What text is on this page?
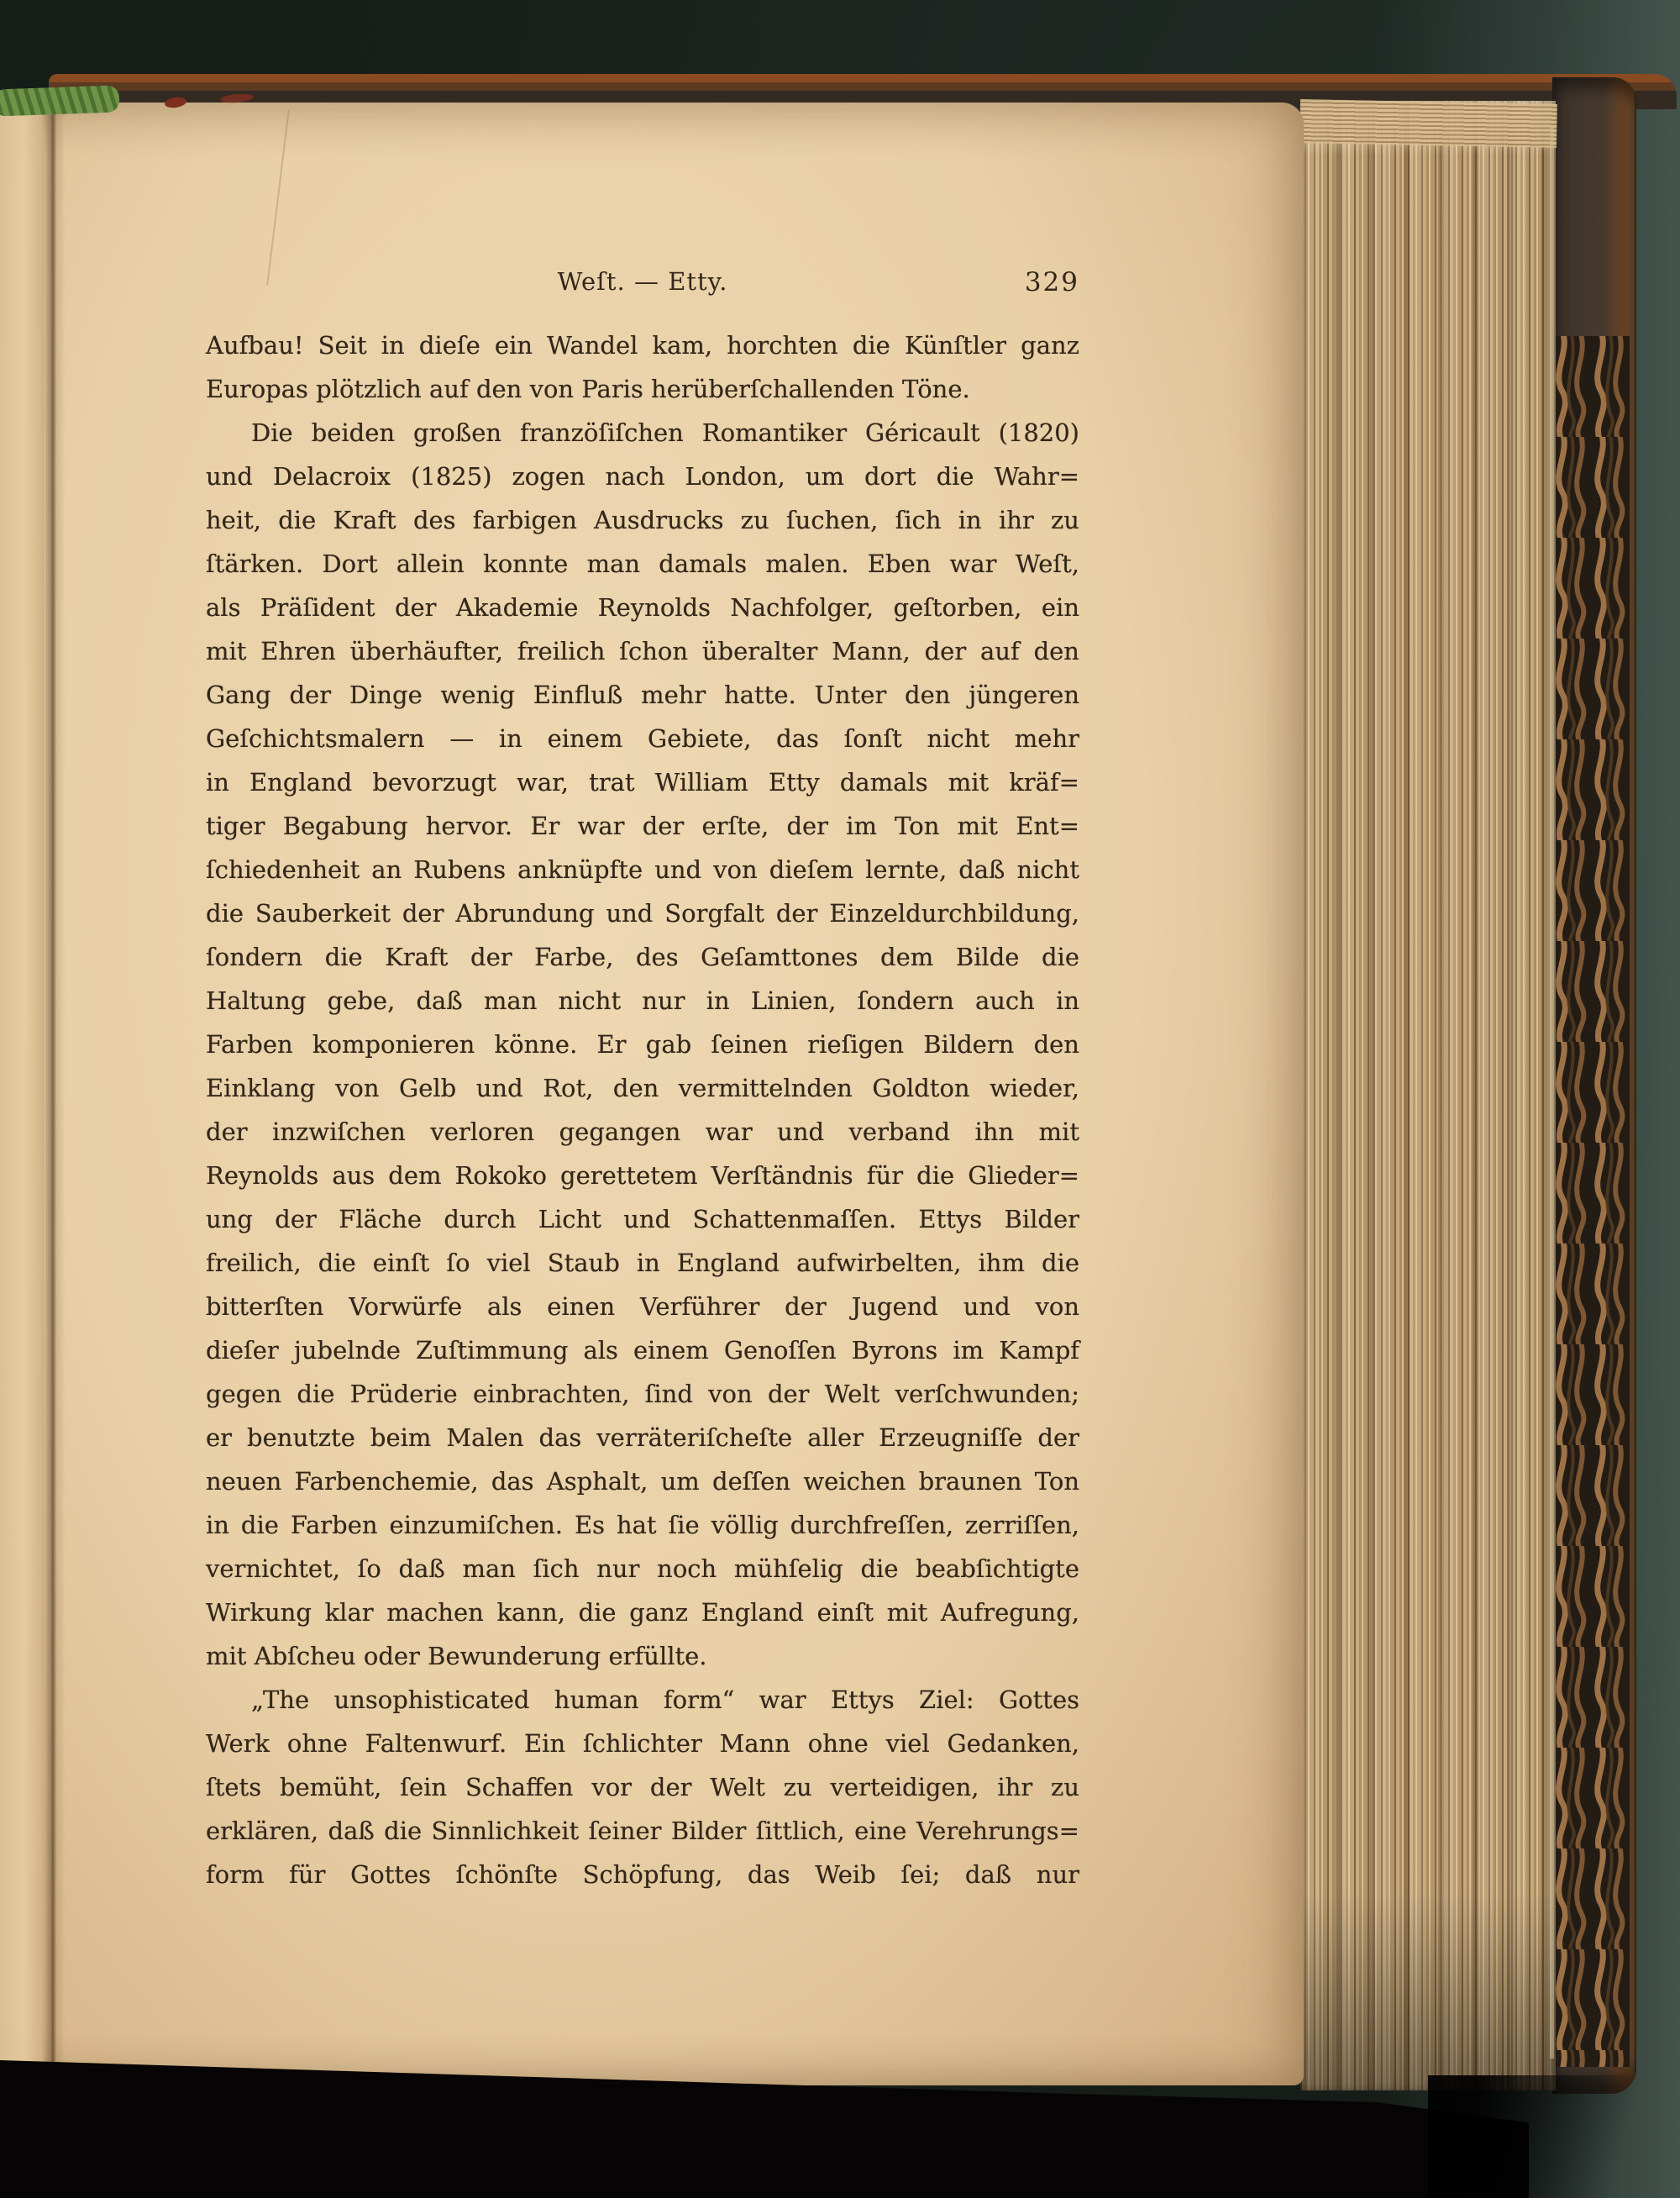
Weſt. — Etty.	329
Aufbau! Seit in dieſe ein Wandel kam, horchten die Künſtler ganz
Europas plötzlich auf den von Paris herüberſchallenden Töne.
Die beiden großen franzöſiſchen Romantiker Géricault (1820)
und Delacroix (1825) zogen nach London, um dort die Wahr=
heit, die Kraft des farbigen Ausdrucks zu ſuchen, ſich in ihr zu
ſtärken. Dort allein konnte man damals malen. Eben war Weſt,
als Präſident der Akademie Reynolds Nachfolger, geſtorben, ein
mit Ehren überhäufter, freilich ſchon überalter Mann, der auf den
Gang der Dinge wenig Einfluß mehr hatte. Unter den jüngeren
Geſchichtsmalern — in einem Gebiete, das ſonſt nicht mehr
in England bevorzugt war, trat William Etty damals mit kräf=
tiger Begabung hervor. Er war der erſte, der im Ton mit Ent=
ſchiedenheit an Rubens anknüpfte und von dieſem lernte, daß nicht
die Sauberkeit der Abrundung und Sorgfalt der Einzeldurchbildung,
ſondern die Kraft der Farbe, des Geſamttones dem Bilde die
Haltung gebe, daß man nicht nur in Linien, ſondern auch in
Farben komponieren könne. Er gab ſeinen rieſigen Bildern den
Einklang von Gelb und Rot, den vermittelnden Goldton wieder,
der inzwiſchen verloren gegangen war und verband ihn mit
Reynolds aus dem Rokoko gerettetem Verſtändnis für die Glieder=
ung der Fläche durch Licht und Schattenmaſſen. Ettys Bilder
freilich, die einſt ſo viel Staub in England aufwirbelten, ihm die
bitterſten Vorwürfe als einen Verführer der Jugend und von
dieſer jubelnde Zuſtimmung als einem Genoſſen Byrons im Kampf
gegen die Prüderie einbrachten, ſind von der Welt verſchwunden;
er benutzte beim Malen das verräteriſcheſte aller Erzeugniſſe der
neuen Farbenchemie, das Asphalt, um deſſen weichen braunen Ton
in die Farben einzumiſchen. Es hat ſie völlig durchfreſſen, zerriſſen,
vernichtet, ſo daß man ſich nur noch mühſelig die beabſichtigte
Wirkung klar machen kann, die ganz England einſt mit Aufregung,
mit Abſcheu oder Bewunderung erfüllte.
„The unsophisticated human form“ war Ettys Ziel: Gottes
Werk ohne Faltenwurf. Ein ſchlichter Mann ohne viel Gedanken,
ſtets bemüht, ſein Schaffen vor der Welt zu verteidigen, ihr zu
erklären, daß die Sinnlichkeit ſeiner Bilder ſittlich, eine Verehrungs=
form für Gottes ſchönſte Schöpfung, das Weib ſei; daß nur
